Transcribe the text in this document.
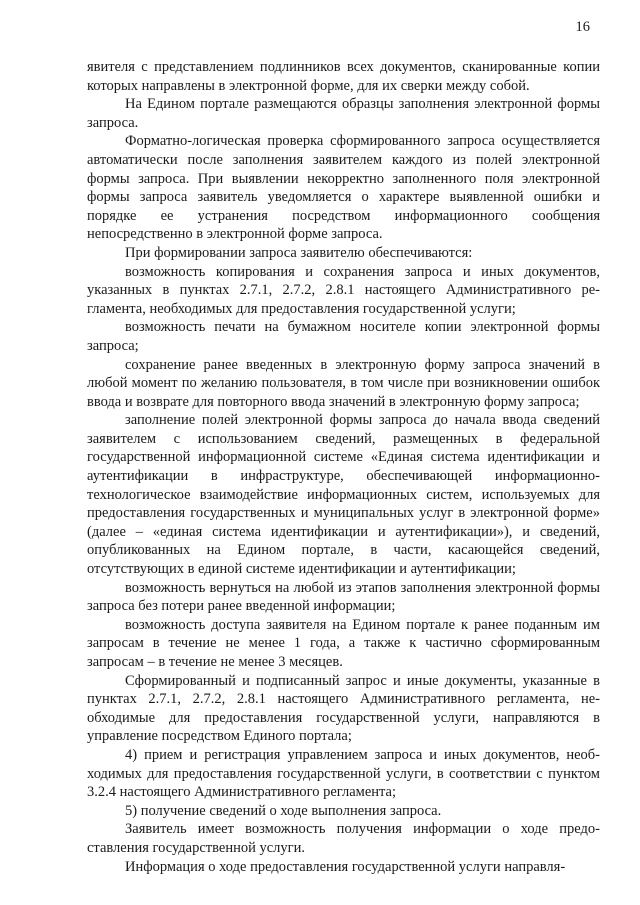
16

явителя с представлением подлинников всех документов, сканированные копии которых направлены в электронной форме, для их сверки между собой.

На Едином портале размещаются образцы заполнения электронной формы запроса.

Форматно-логическая проверка сформированного запроса осуществляется автоматически после заполнения заявителем каждого из полей электронной формы запроса. При выявлении некорректно заполненного поля электронной формы запроса заявитель уведомляется о характере выявленной ошибки и порядке ее устранения посредством информационного сообщения непосредственно в электронной форме запроса.

При формировании запроса заявителю обеспечиваются:

возможность копирования и сохранения запроса и иных документов, указанных в пунктах 2.7.1, 2.7.2, 2.8.1 настоящего Административного регламента, необходимых для предоставления государственной услуги;

возможность печати на бумажном носителе копии электронной формы запроса;

сохранение ранее введенных в электронную форму запроса значений в любой момент по желанию пользователя, в том числе при возникновении ошибок ввода и возврате для повторного ввода значений в электронную форму запроса;

заполнение полей электронной формы запроса до начала ввода сведений заявителем с использованием сведений, размещенных в федеральной государственной информационной системе «Единая система идентификации и аутентификации в инфраструктуре, обеспечивающей информационно-технологическое взаимодействие информационных систем, используемых для предоставления государственных и муниципальных услуг в электронной форме» (далее – «единая система идентификации и аутентификации»), и сведений, опубликованных на Едином портале, в части, касающейся сведений, отсутствующих в единой системе идентификации и аутентификации;

возможность вернуться на любой из этапов заполнения электронной формы запроса без потери ранее введенной информации;

возможность доступа заявителя на Едином портале к ранее поданным им запросам в течение не менее 1 года, а также к частично сформированным запросам – в течение не менее 3 месяцев.

Сформированный и подписанный запрос и иные документы, указанные в пунктах 2.7.1, 2.7.2, 2.8.1 настоящего Административного регламента, необходимые для предоставления государственной услуги, направляются в управление посредством Единого портала;

4) прием и регистрация управлением запроса и иных документов, необходимых для предоставления государственной услуги, в соответствии с пунктом 3.2.4 настоящего Административного регламента;

5) получение сведений о ходе выполнения запроса.

Заявитель имеет возможность получения информации о ходе предоставления государственной услуги.

Информация о ходе предоставления государственной услуги направля-
